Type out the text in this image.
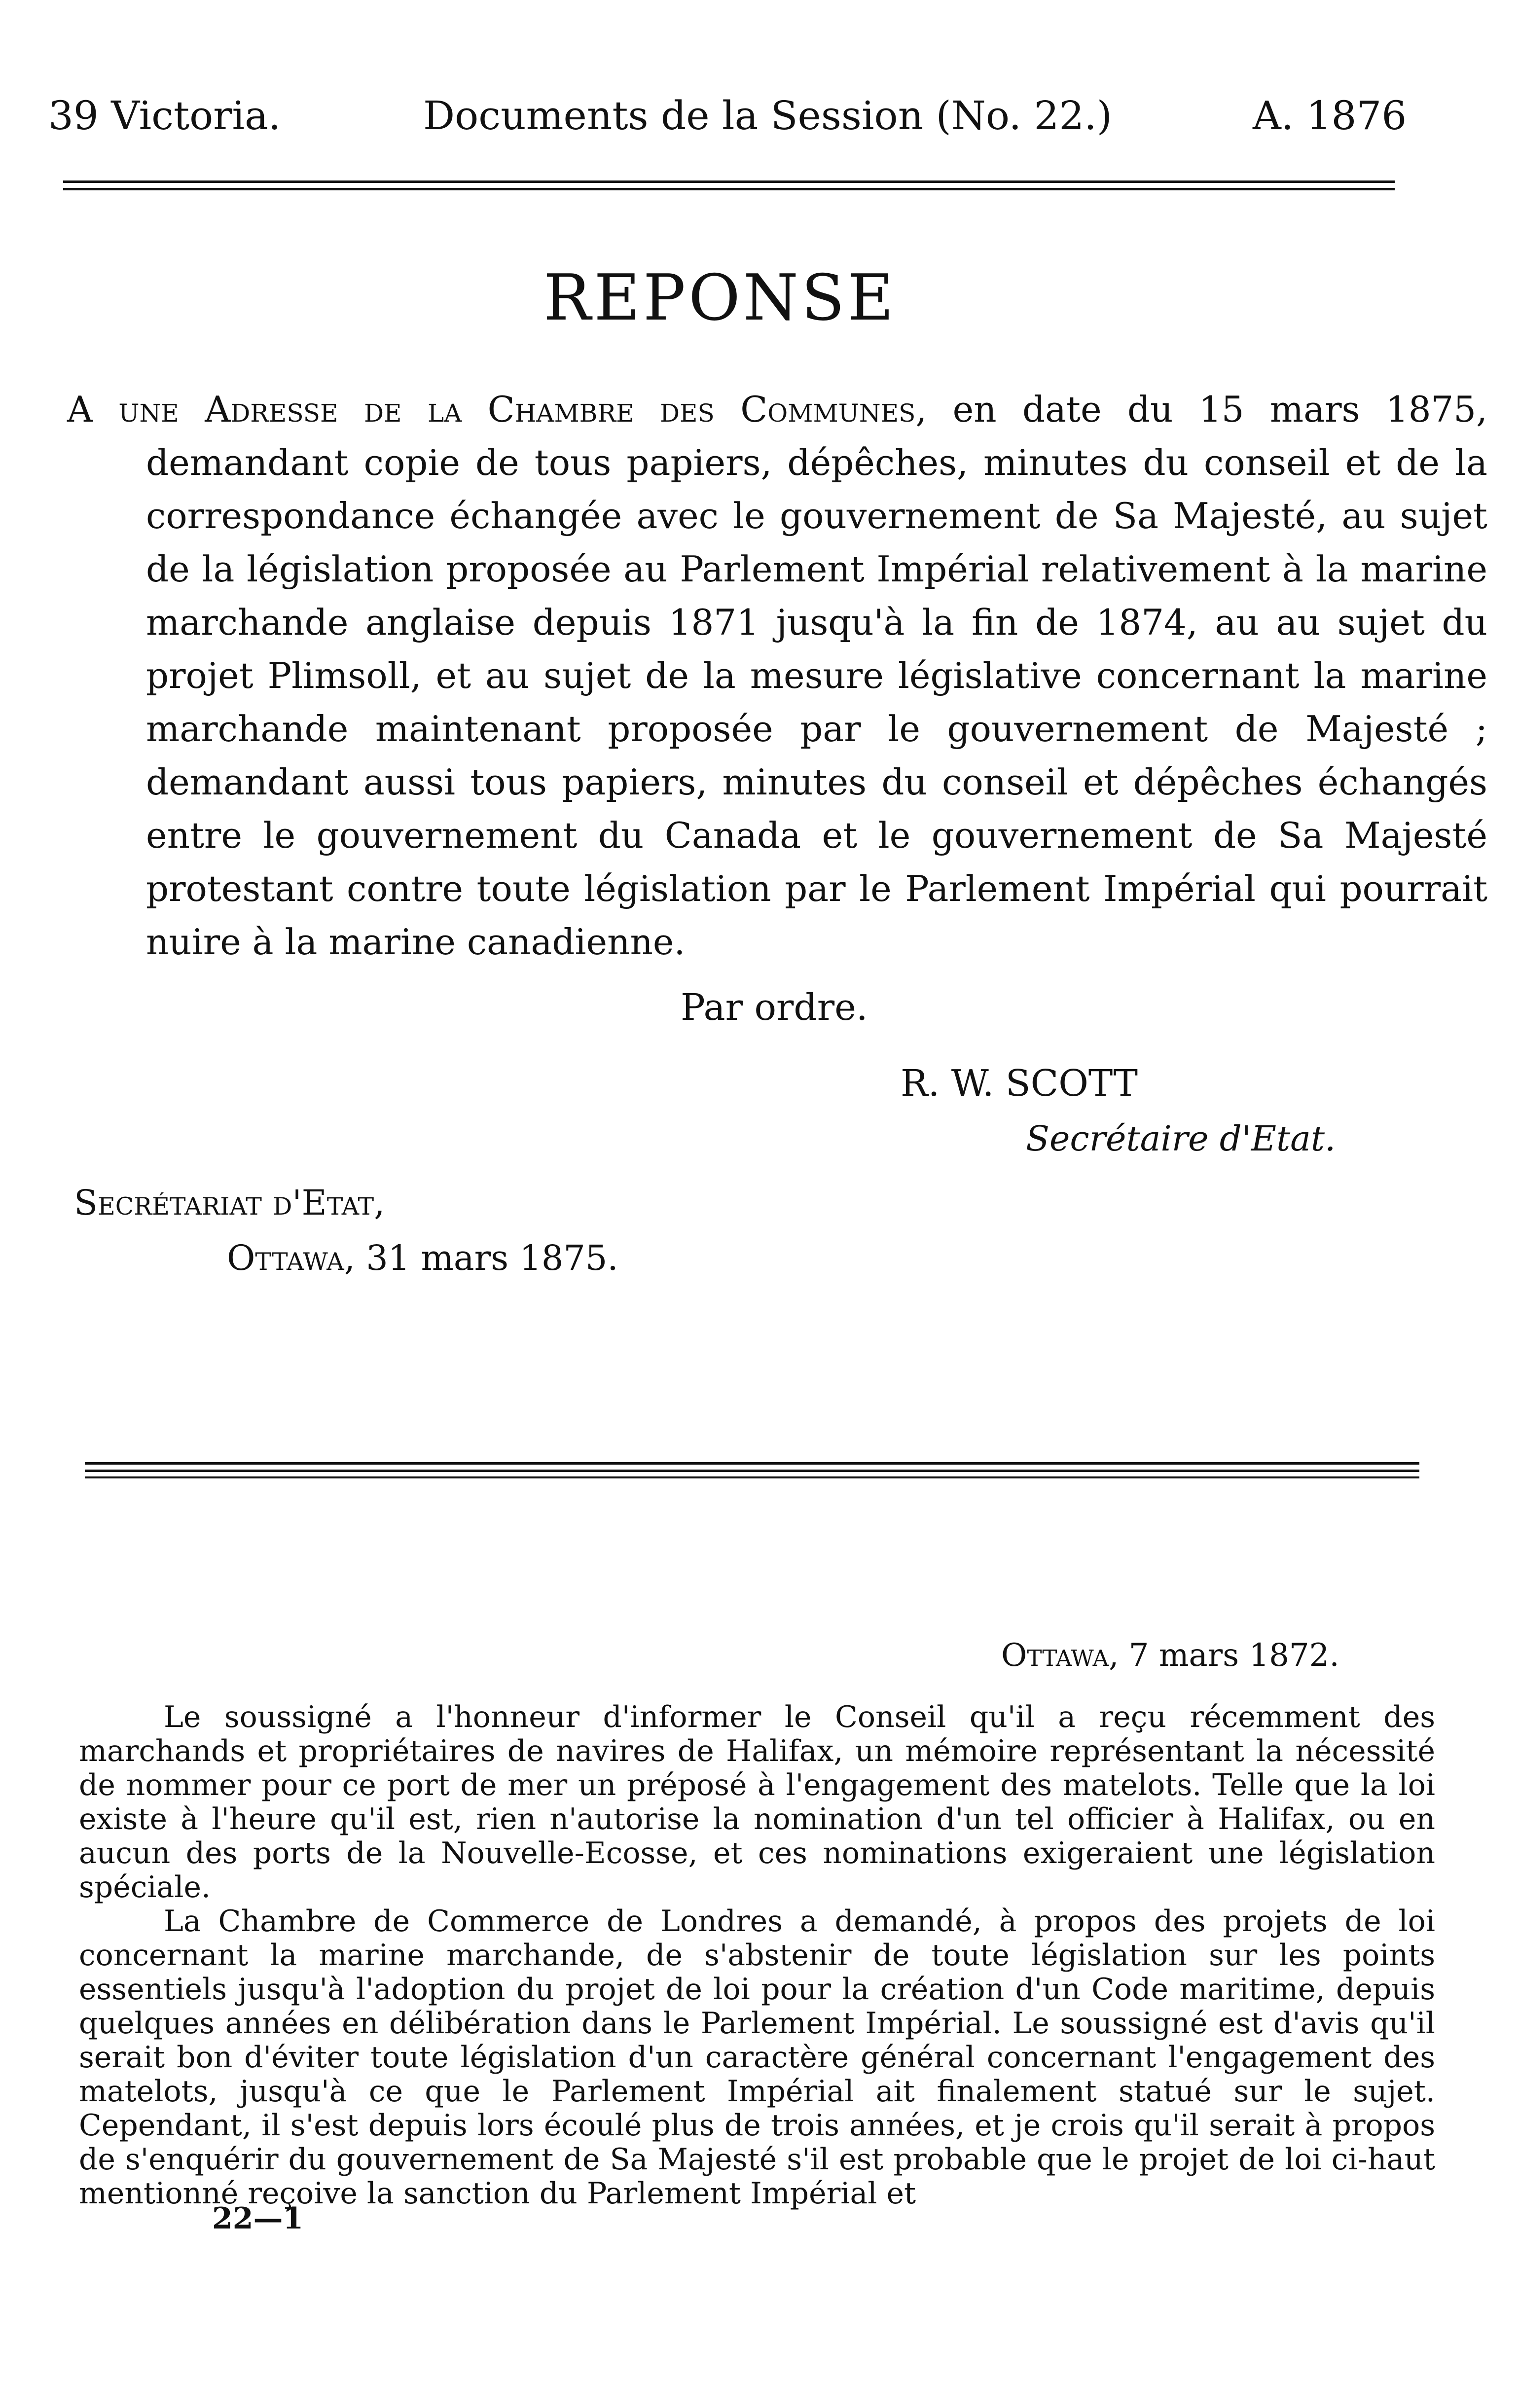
39 Victoria.	Documents de la Session (No. 22.)	A. 1876
REPONSE
A une Adresse de la Chambre des Communes, en date du 15 mars 1875, demandant copie de tous papiers, dépêches, minutes du conseil et de la correspondance échangée avec le gouvernement de Sa Majesté, au sujet de la législation proposée au Parlement Impérial relativement à la marine marchande anglaise depuis 1871 jusqu'à la fin de 1874, au au sujet du projet Plimsoll, et au sujet de la mesure législative concernant la marine marchande maintenant proposée par le gouvernement de Majesté ; demandant aussi tous papiers, minutes du conseil et dépêches échangés entre le gouvernement du Canada et le gouvernement de Sa Majesté protestant contre toute législation par le Parlement Impérial qui pourrait nuire à la marine canadienne.
Par ordre.
R. W. SCOTT
Secrétaire d'Etat.
Secrétariat d'Etat,
Ottawa, 31 mars 1875.
Ottawa, 7 mars 1872.

Le soussigné a l'honneur d'informer le Conseil qu'il a reçu récemment des marchands et propriétaires de navires de Halifax, un mémoire représentant la nécessité de nommer pour ce port de mer un préposé à l'engagement des matelots. Telle que la loi existe à l'heure qu'il est, rien n'autorise la nomination d'un tel officier à Halifax, ou en aucun des ports de la Nouvelle-Ecosse, et ces nominations exigeraient une législation spéciale.

La Chambre de Commerce de Londres a demandé, à propos des projets de loi concernant la marine marchande, de s'abstenir de toute législation sur les points essentiels jusqu'à l'adoption du projet de loi pour la création d'un Code maritime, depuis quelques années en délibération dans le Parlement Impérial. Le soussigné est d'avis qu'il serait bon d'éviter toute législation d'un caractère général concernant l'engagement des matelots, jusqu'à ce que le Parlement Impérial ait finalement statué sur le sujet. Cependant, il s'est depuis lors écoulé plus de trois années, et je crois qu'il serait à propos de s'enquérir du gouvernement de Sa Majesté s'il est probable que le projet de loi ci-haut mentionné reçoive la sanction du Parlement Impérial et

22—1
